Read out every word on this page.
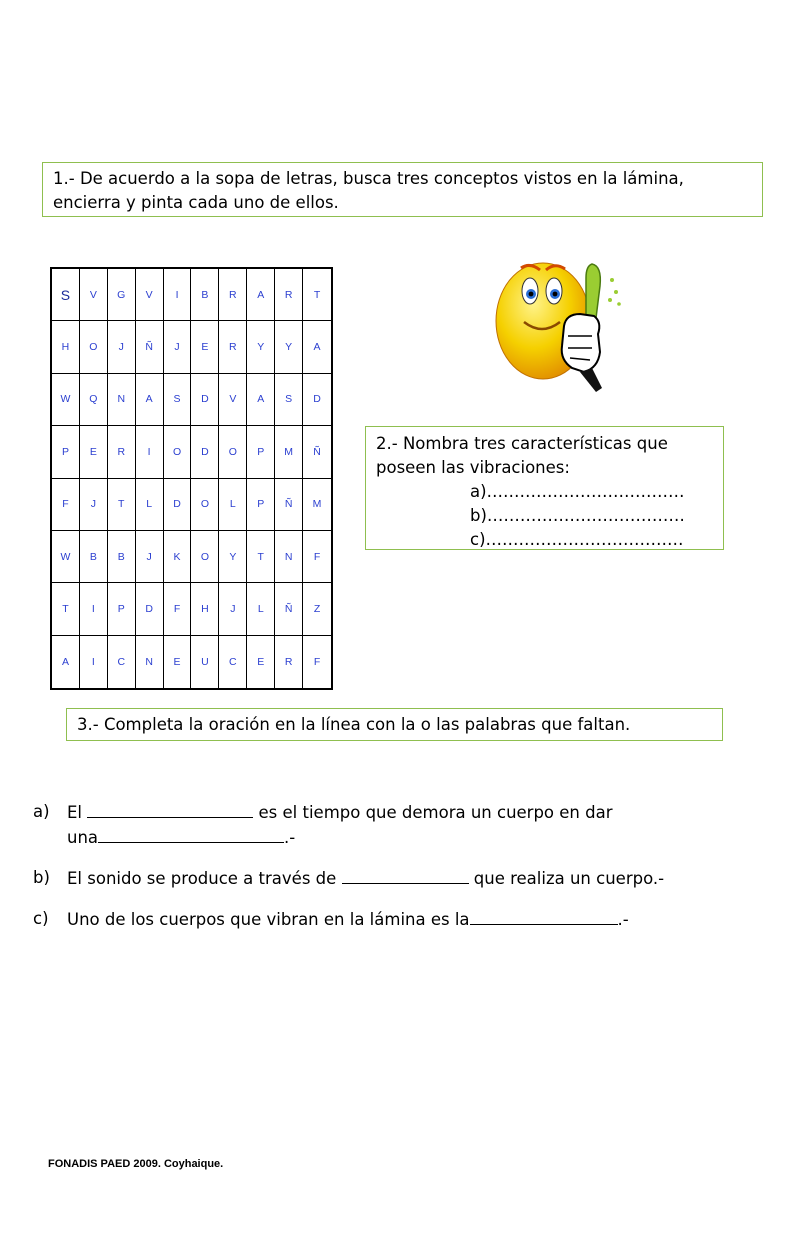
1.- De acuerdo a la sopa de letras, busca tres conceptos vistos en la lámina,
encierra y pinta cada uno de ellos.
S	V	G	V	I	B	R	A	R	T
H	O	J	Ñ	J	E	R	Y	Y	A
W	Q	N	A	S	D	V	A	S	D
P	E	R	I	O	D	O	P	M	Ñ
F	J	T	L	D	O	L	P	Ñ	M
W	B	B	J	K	O	Y	T	N	F
T	I	P	D	F	H	J	L	Ñ	Z
A	I	C	N	E	U	C	E	R	F
2.- Nombra tres características que
poseen las vibraciones:
a)………………………………
b)………………………………
c)………………………………
3.- Completa la oración en la línea con la o las palabras que faltan.
a)	El	es el tiempo que demora un cuerpo en dar
una	.-
b)	El sonido se produce a través de	que realiza un cuerpo.-
c)	Uno de los cuerpos que vibran en la lámina es la	.-
FONADIS PAED 2009. Coyhaique.
